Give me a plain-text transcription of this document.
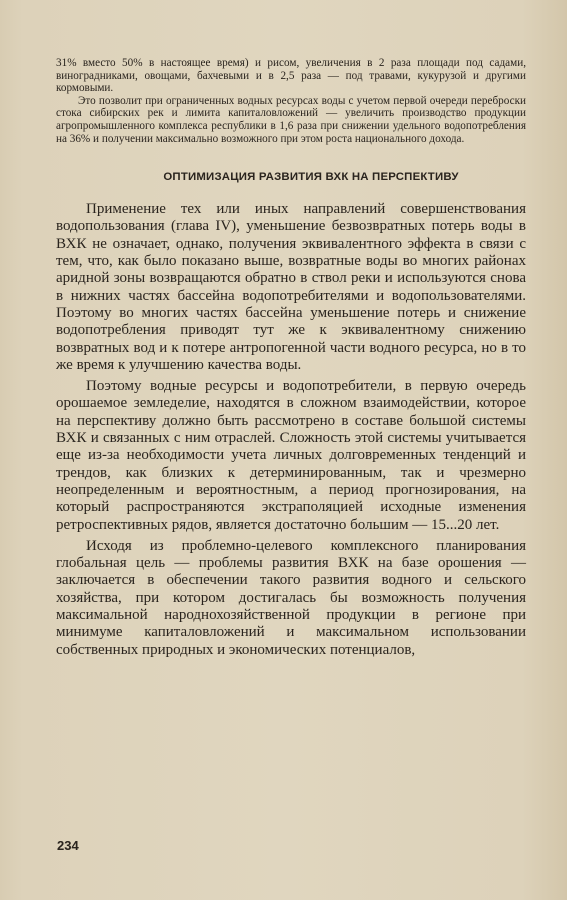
31% вместо 50% в настоящее время) и рисом, увеличения в 2 раза площади под садами, виноградниками, овощами, бахчевыми и в 2,5 раза — под травами, кукурузой и другими кормовыми.

Это позволит при ограниченных водных ресурсах воды с учетом первой очереди переброски стока сибирских рек и лимита капиталовложений — увеличить производство продукции агропромышленного комплекса республики в 1,6 раза при снижении удельного водопотребления на 36% и получении максимально возможного при этом роста национального дохода.

ОПТИМИЗАЦИЯ РАЗВИТИЯ ВХК НА ПЕРСПЕКТИВУ

Применение тех или иных направлений совершенствования водопользования (глава IV), уменьшение безвозвратных потерь воды в ВХК не означает, однако, получения эквивалентного эффекта в связи с тем, что, как было показано выше, возвратные воды во многих районах аридной зоны возвращаются обратно в ствол реки и используются снова в нижних частях бассейна водопотребителями и водопользователями. Поэтому во многих частях бассейна уменьшение потерь и снижение водопотребления приводят тут же к эквивалентному снижению возвратных вод и к потере антропогенной части водного ресурса, но в то же время к улучшению качества воды.

Поэтому водные ресурсы и водопотребители, в первую очередь орошаемое земледелие, находятся в сложном взаимодействии, которое на перспективу должно быть рассмотрено в составе большой системы ВХК и связанных с ним отраслей. Сложность этой системы учитывается еще из-за необходимости учета личных долговременных тенденций и трендов, как близких к детерминированным, так и чрезмерно неопределенным и вероятностным, а период прогнозирования, на который распространяются экстраполяцией исходные изменения ретроспективных рядов, является достаточно большим — 15...20 лет.

Исходя из проблемно-целевого комплексного планирования глобальная цель — проблемы развития ВХК на базе орошения — заключается в обеспечении такого развития водного и сельского хозяйства, при котором достигалась бы возможность получения максимальной народнохозяйственной продукции в регионе при минимуме капиталовложений и максимальном использовании собственных природных и экономических потенциалов,

234
